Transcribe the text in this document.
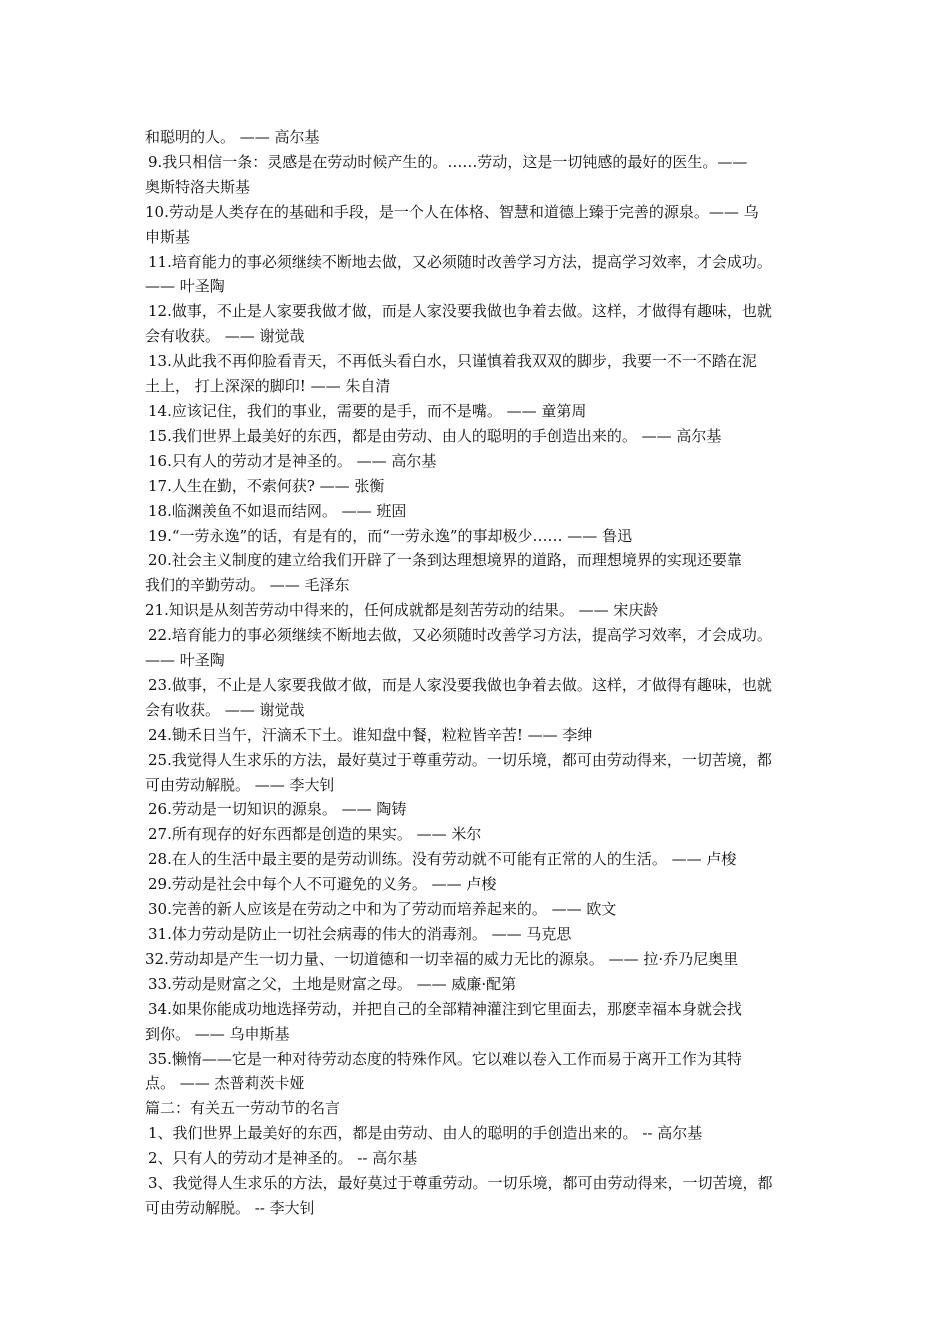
和聪明的人。 —— 高尔基
9.我只相信一条：灵感是在劳动时候产生的。……劳动，这是一切钝感的最好的医生。——
奥斯特洛夫斯基
10.劳动是人类存在的基础和手段，是一个人在体格、智慧和道德上臻于完善的源泉。—— 乌
申斯基
11.培育能力的事必须继续不断地去做，又必须随时改善学习方法，提高学习效率，才会成功。
—— 叶圣陶
12.做事，不止是人家要我做才做，而是人家没要我做也争着去做。这样，才做得有趣味，也就
会有收获。 —— 谢觉哉
13.从此我不再仰脸看青天，不再低头看白水，只谨慎着我双双的脚步，我要一不一不踏在泥
土上， 打上深深的脚印! —— 朱自清
14.应该记住，我们的事业，需要的是手，而不是嘴。 —— 童第周
15.我们世界上最美好的东西，都是由劳动、由人的聪明的手创造出来的。 —— 高尔基
16.只有人的劳动才是神圣的。 —— 高尔基
17.人生在勤，不索何获? —— 张衡
18.临渊羡鱼不如退而结网。 —— 班固
19.“一劳永逸”的话，有是有的，而“一劳永逸”的事却极少…… —— 鲁迅
20.社会主义制度的建立给我们开辟了一条到达理想境界的道路，而理想境界的实现还要靠
我们的辛勤劳动。 —— 毛泽东
21.知识是从刻苦劳动中得来的，任何成就都是刻苦劳动的结果。 —— 宋庆龄
22.培育能力的事必须继续不断地去做，又必须随时改善学习方法，提高学习效率，才会成功。
—— 叶圣陶
23.做事，不止是人家要我做才做，而是人家没要我做也争着去做。这样，才做得有趣味，也就
会有收获。 —— 谢觉哉
24.锄禾日当午，汗滴禾下土。谁知盘中餐，粒粒皆辛苦! —— 李绅
25.我觉得人生求乐的方法，最好莫过于尊重劳动。一切乐境，都可由劳动得来，一切苦境，都
可由劳动解脱。 —— 李大钊
26.劳动是一切知识的源泉。 —— 陶铸
27.所有现存的好东西都是创造的果实。 —— 米尔
28.在人的生活中最主要的是劳动训练。没有劳动就不可能有正常的人的生活。 —— 卢梭
29.劳动是社会中每个人不可避免的义务。 —— 卢梭
30.完善的新人应该是在劳动之中和为了劳动而培养起来的。 —— 欧文
31.体力劳动是防止一切社会病毒的伟大的消毒剂。 —— 马克思
32.劳动却是产生一切力量、一切道德和一切幸福的威力无比的源泉。 —— 拉·乔乃尼奥里
33.劳动是财富之父，土地是财富之母。 —— 威廉·配第
34.如果你能成功地选择劳动，并把自己的全部精神灌注到它里面去，那麽幸福本身就会找
到你。 —— 乌申斯基
35.懒惰——它是一种对待劳动态度的特殊作风。它以难以卷入工作而易于离开工作为其特
点。 —— 杰普莉茨卡娅
篇二：有关五一劳动节的名言
1、我们世界上最美好的东西，都是由劳动、由人的聪明的手创造出来的。 -- 高尔基
2、只有人的劳动才是神圣的。 -- 高尔基
3、我觉得人生求乐的方法，最好莫过于尊重劳动。一切乐境，都可由劳动得来，一切苦境，都
可由劳动解脱。 -- 李大钊
